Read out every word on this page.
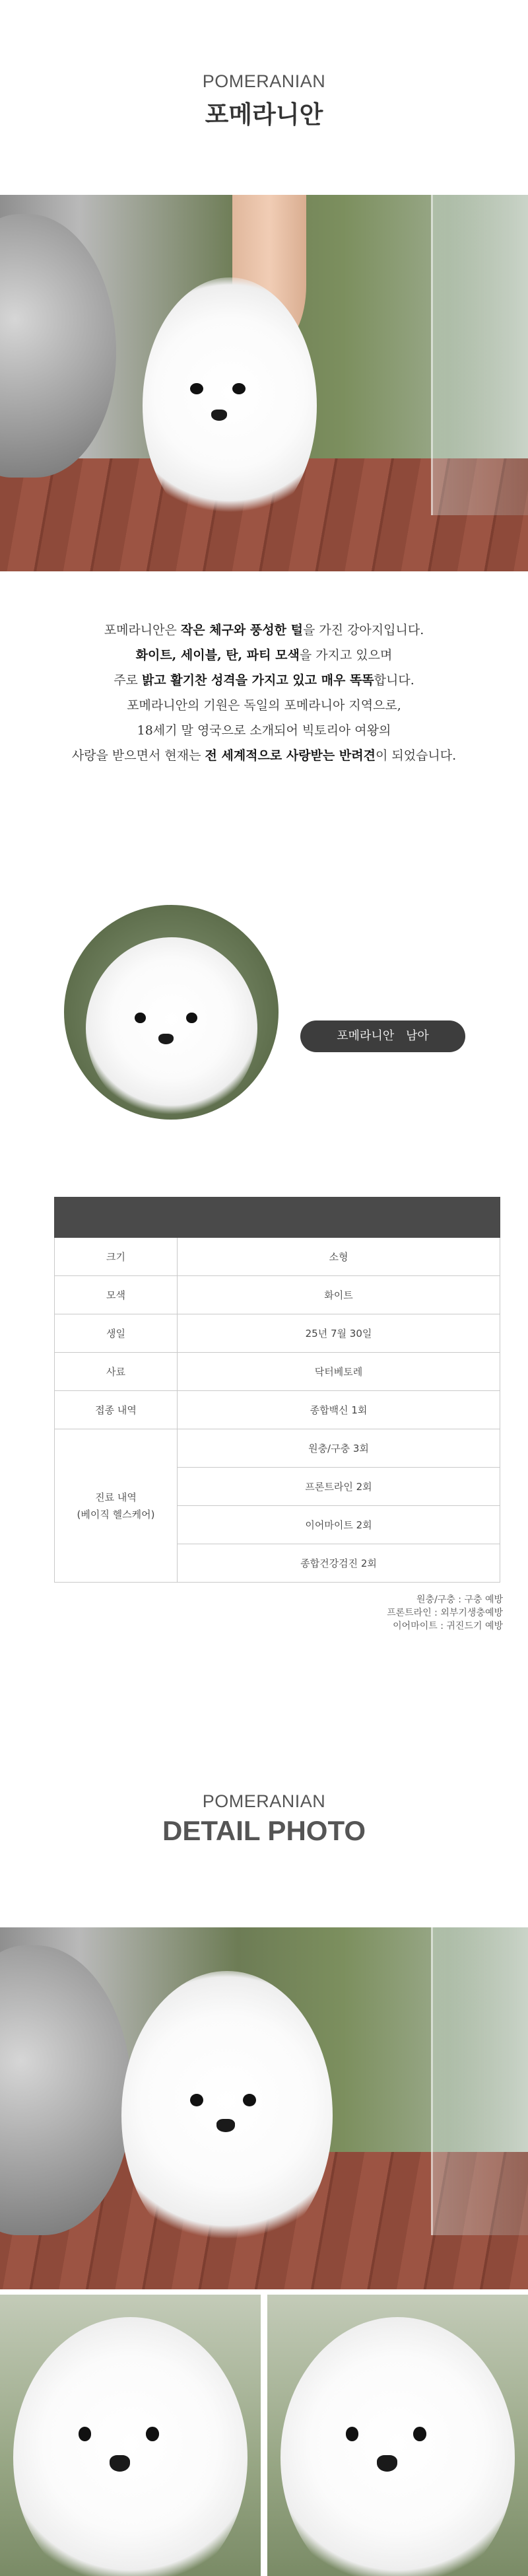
POMERANIAN
포메라니안
포메라니안은 작은 체구와 풍성한 털을 가진 강아지입니다.
화이트, 세이블, 탄, 파티 모색을 가지고 있으며
주로 밝고 활기찬 성격을 가지고 있고 매우 똑똑합니다.
포메라니안의 기원은 독일의 포메라니아 지역으로,
18세기 말 영국으로 소개되어 빅토리아 여왕의
사랑을 받으면서 현재는 전 세계적으로 사랑받는 반려견이 되었습니다.
포메라니안 남아

크기	소형
모색	화이트
생일	25년 7월 30일
사료	닥터베토레
접종 내역	종합백신 1회

진료 내역
(베이직 헬스케어)	원충/구충 3회
	프론트라인 2회
	이어마이트 2회
	종합건강검진 2회
원충/구충 : 구충 예방
프론트라인 : 외부기생충예방
이어마이트 : 귀진드기 예방
POMERANIAN
DETAIL PHOTO
